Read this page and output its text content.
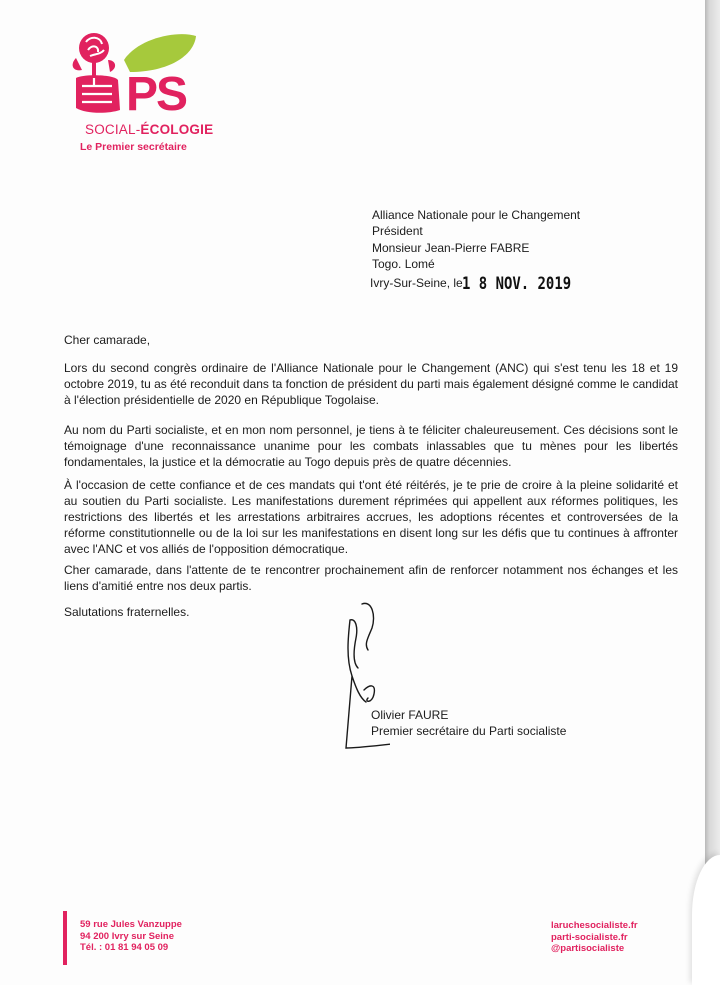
PS
SOCIAL-ÉCOLOGIE
Le Premier secrétaire
Alliance Nationale pour le Changement
Président
Monsieur Jean-Pierre FABRE
Togo. Lomé
Ivry-Sur-Seine, le 1 8 NOV. 2019

Cher camarade,

Lors du second congrès ordinaire de l'Alliance Nationale pour le Changement (ANC) qui s'est tenu les 18 et 19 octobre 2019, tu as été reconduit dans ta fonction de président du parti mais également désigné comme le candidat à l'élection présidentielle de 2020 en République Togolaise.

Au nom du Parti socialiste, et en mon nom personnel, je tiens à te féliciter chaleureusement. Ces décisions sont le témoignage d'une reconnaissance unanime pour les combats inlassables que tu mènes pour les libertés fondamentales, la justice et la démocratie au Togo depuis près de quatre décennies.

À l'occasion de cette confiance et de ces mandats qui t'ont été réitérés, je te prie de croire à la pleine solidarité et au soutien du Parti socialiste. Les manifestations durement réprimées qui appellent aux réformes politiques, les restrictions des libertés et les arrestations arbitraires accrues, les adoptions récentes et controversées de la réforme constitutionnelle ou de la loi sur les manifestations en disent long sur les défis que tu continues à affronter avec l'ANC et vos alliés de l'opposition démocratique.

Cher camarade, dans l'attente de te rencontrer prochainement afin de renforcer notamment nos échanges et les liens d'amitié entre nos deux partis.

Salutations fraternelles.

Olivier FAURE
Premier secrétaire du Parti socialiste
59 rue Jules Vanzuppe
94 200 Ivry sur Seine
Tél. : 01 81 94 05 09
laruchesocialiste.fr
parti-socialiste.fr
@partisocialiste
